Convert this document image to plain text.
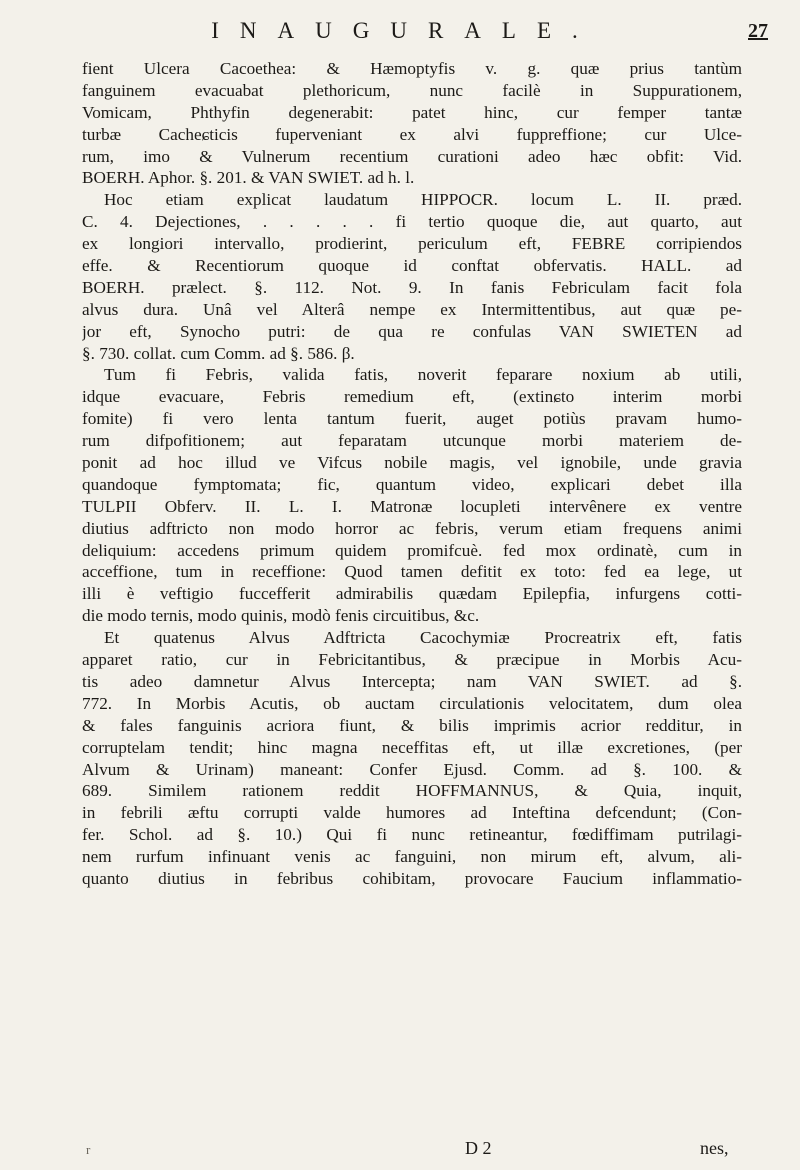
INAUGURALE.	27
fient Ulcera Cacoethea: & Hæmoptyfis v. g. quæ prius tantùm
fanguinem evacuabat plethoricum, nunc facilè in Suppurationem,
Vomicam, Phthyfin degenerabit: patet hinc, cur femper tantæ
turbæ Cacheɕticis fuperveniant ex alvi fuppreffione; cur Ulce-
rum, imo & Vulnerum recentium curationi adeo hæc obfit: Vid.
BOERH. Aphor. §. 201. & VAN SWIET. ad h. l.
Hoc etiam explicat laudatum HIPPOCR. locum L. II. præd.
C. 4. Dejectiones, . . . . . fi tertio quoque die, aut quarto, aut
ex longiori intervallo, prodierint, periculum eft, FEBRE corripiendos
effe. & Recentiorum quoque id conftat obfervatis. HALL. ad
BOERH. prælect. §. 112. Not. 9. In fanis Febriculam facit fola
alvus dura. Unâ vel Alterâ nempe ex Intermittentibus, aut quæ pe-
jor eft, Synocho putri: de qua re confulas VAN SWIETEN ad
§. 730. collat. cum Comm. ad §. 586. β.
Tum fi Febris, valida fatis, noverit feparare noxium ab utili,
idque evacuare, Febris remedium eft, (extinɕto interim morbi
fomite) fi vero lenta tantum fuerit, auget potiùs pravam humo-
rum difpofitionem; aut feparatam utcunque morbi materiem de-
ponit ad hoc illud ve Vifcus nobile magis, vel ignobile, unde gravia
quandoque fymptomata; fic, quantum video, explicari debet illa
TULPII Obferv. II. L. I. Matronæ locupleti intervênere ex ventre
diutius adftricto non modo horror ac febris, verum etiam frequens animi
deliquium: accedens primum quidem promifcuè. fed mox ordinatè, cum in
acceffione, tum in receffione: Quod tamen defitit ex toto: fed ea lege, ut
illi è veftigio fuccefferit admirabilis quædam Epilepfia, infurgens cotti-
die modo ternis, modo quinis, modò fenis circuitibus, &c.
Et quatenus Alvus Adftricta Cacochymiæ Procreatrix eft, fatis
apparet ratio, cur in Febricitantibus, & præcipue in Morbis Acu-
tis adeo damnetur Alvus Intercepta; nam VAN SWIET. ad §.
772. In Morbis Acutis, ob auctam circulationis velocitatem, dum olea
& fales fanguinis acriora fiunt, & bilis imprimis acrior redditur, in
corruptelam tendit; hinc magna neceffitas eft, ut illæ excretiones, (per
Alvum & Urinam) maneant: Confer Ejusd. Comm. ad §. 100. &
689. Similem rationem reddit HOFFMANNUS, & Quia, inquit,
in febrili æftu corrupti valde humores ad Inteftina defcendunt; (Con-
fer. Schol. ad §. 10.) Qui fi nunc retineantur, fœdiffimam putrilagi-
nem rurfum infinuant venis ac fanguini, non mirum eft, alvum, ali-
quanto diutius in febribus cohibitam, provocare Faucium inflammatio-
r	D 2	nes,
